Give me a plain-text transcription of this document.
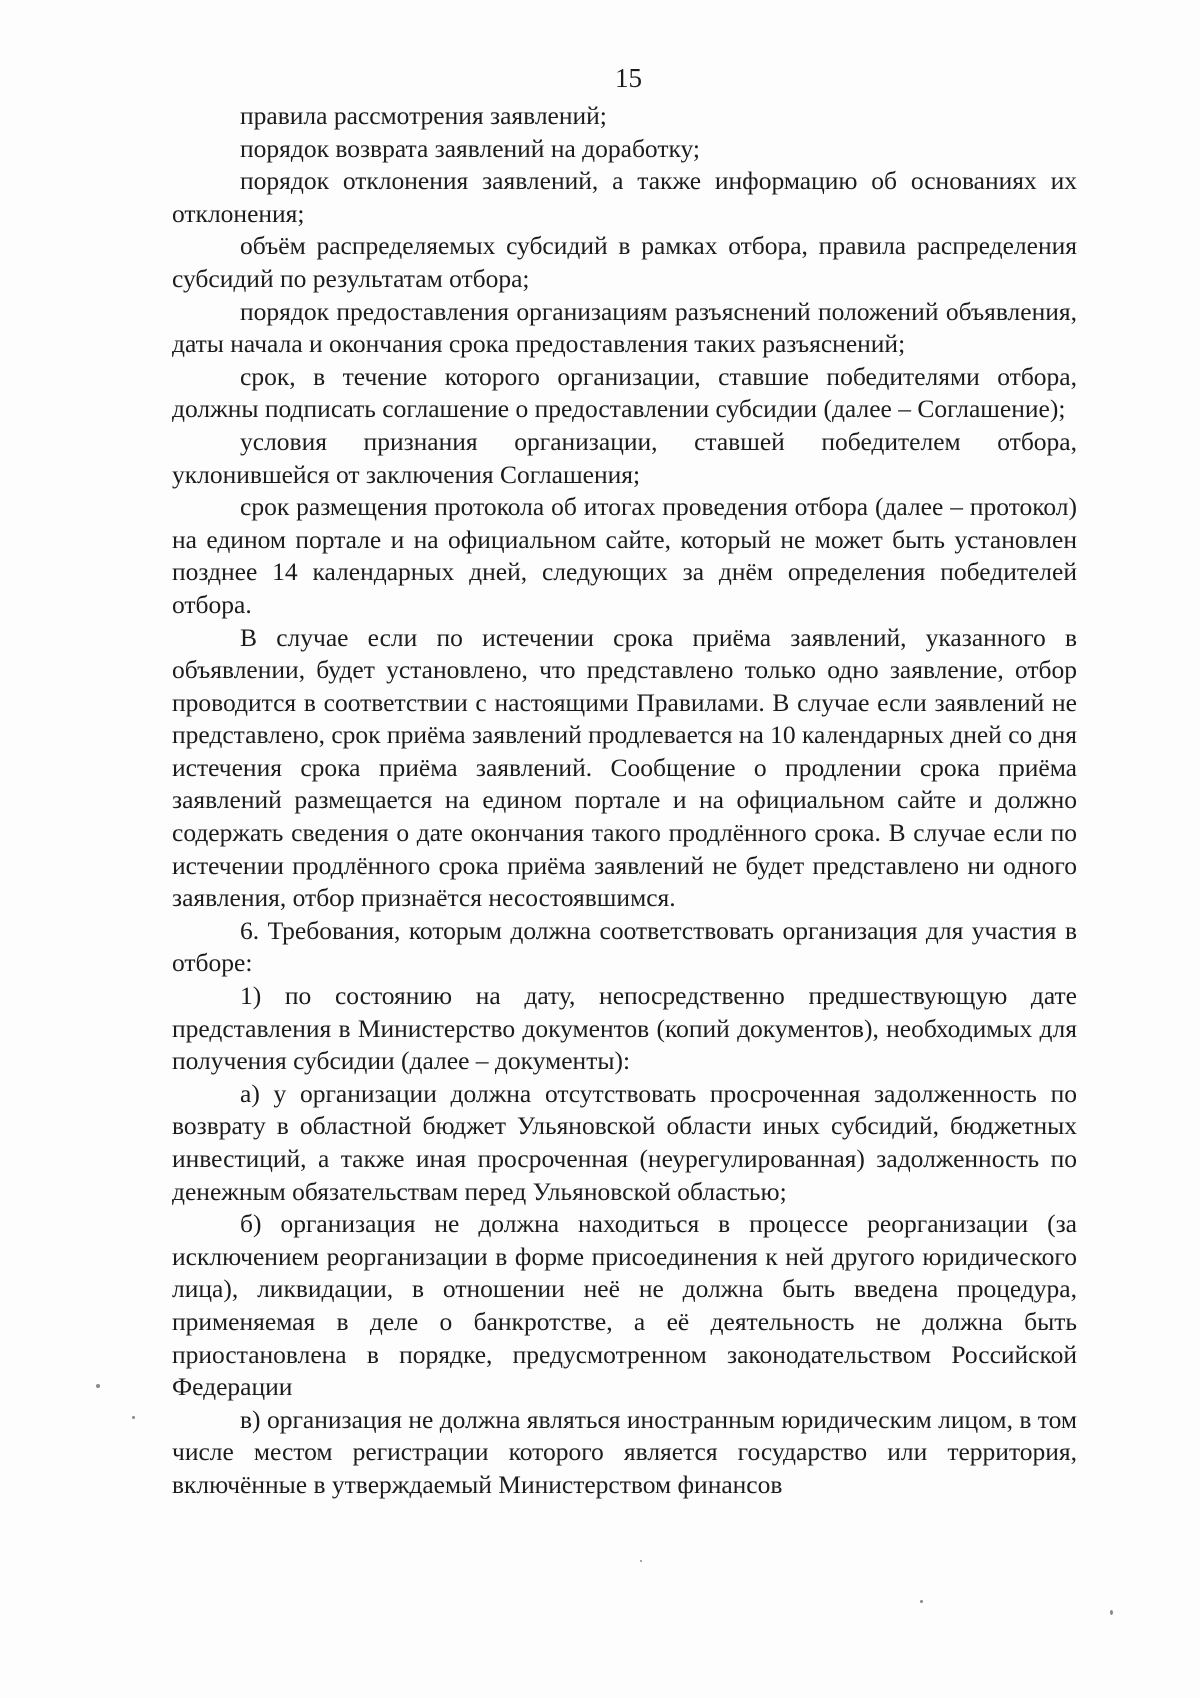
15

правила рассмотрения заявлений;

порядок возврата заявлений на доработку;

порядок отклонения заявлений, а также информацию об основаниях их отклонения;

объём распределяемых субсидий в рамках отбора, правила распределения субсидий по результатам отбора;

порядок предоставления организациям разъяснений положений объявления, даты начала и окончания срока предоставления таких разъяснений;

срок, в течение которого организации, ставшие победителями отбора, должны подписать соглашение о предоставлении субсидии (далее – Соглашение);

условия признания организации, ставшей победителем отбора, уклонившейся от заключения Соглашения;

срок размещения протокола об итогах проведения отбора (далее – протокол) на едином портале и на официальном сайте, который не может быть установлен позднее 14 календарных дней, следующих за днём определения победителей отбора.

В случае если по истечении срока приёма заявлений, указанного в объявлении, будет установлено, что представлено только одно заявление, отбор проводится в соответствии с настоящими Правилами. В случае если заявлений не представлено, срок приёма заявлений продлевается на 10 календарных дней со дня истечения срока приёма заявлений. Сообщение о продлении срока приёма заявлений размещается на едином портале и на официальном сайте и должно содержать сведения о дате окончания такого продлённого срока. В случае если по истечении продлённого срока приёма заявлений не будет представлено ни одного заявления, отбор признаётся несостоявшимся.

6. Требования, которым должна соответствовать организация для участия в отборе:

1) по состоянию на дату, непосредственно предшествующую дате представления в Министерство документов (копий документов), необходимых для получения субсидии (далее – документы):

а) у организации должна отсутствовать просроченная задолженность по возврату в областной бюджет Ульяновской области иных субсидий, бюджетных инвестиций, а также иная просроченная (неурегулированная) задолженность по денежным обязательствам перед Ульяновской областью;

б) организация не должна находиться в процессе реорганизации (за исключением реорганизации в форме присоединения к ней другого юридического лица), ликвидации, в отношении неё не должна быть введена процедура, применяемая в деле о банкротстве, а её деятельность не должна быть приостановлена в порядке, предусмотренном законодательством Российской Федерации

в) организация не должна являться иностранным юридическим лицом, в том числе местом регистрации которого является государство или территория, включённые в утверждаемый Министерством финансов
